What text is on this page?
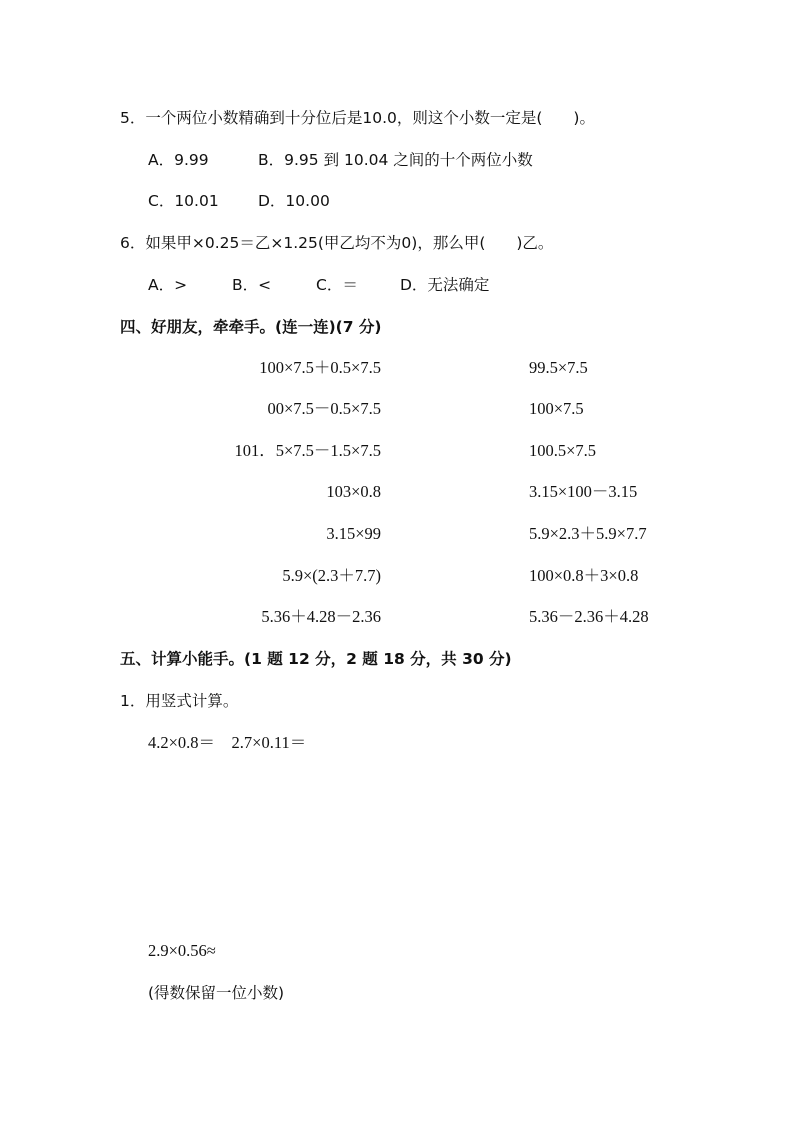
5．一个两位小数精确到十分位后是10.0，则这个小数一定是(　　)。
A．9.99	B．9.95 到 10.04 之间的十个两位小数
C．10.01	D．10.00
6．如果甲×0.25＝乙×1.25(甲乙均不为0)，那么甲(　　)乙。
A．>	B．<	C．＝	D．无法确定
四、好朋友，牵牵手。(连一连)(7 分)
100×7.5＋0.5×7.5	99.5×7.5
00×7.5－0.5×7.5	100×7.5
101．5×7.5－1.5×7.5	100.5×7.5
103×0.8	3.15×100－3.15
3.15×99	5.9×2.3＋5.9×7.7
5.9×(2.3＋7.7)	100×0.8＋3×0.8
5.36＋4.28－2.36	5.36－2.36＋4.28
五、计算小能手。(1 题 12 分，2 题 18 分，共 30 分)
1．用竖式计算。
4.2×0.8＝　2.7×0.11＝
2.9×0.56≈
(得数保留一位小数)
